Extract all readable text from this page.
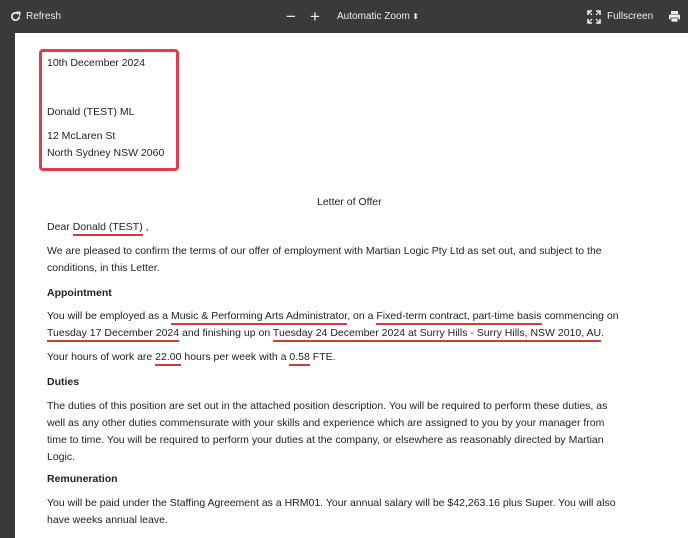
Refresh	− + Automatic Zoom ⬍	Fullscreen
10th December 2024
Donald (TEST) ML
12 McLaren St
North Sydney NSW 2060
Letter of Offer
Dear Donald (TEST) ,
We are pleased to confirm the terms of our offer of employment with Martian Logic Pty Ltd as set out, and subject to the
conditions, in this Letter.
Appointment
You will be employed as a Music & Performing Arts Administrator, on a Fixed-term contract, part-time basis commencing on
Tuesday 17 December 2024 and finishing up on Tuesday 24 December 2024 at Surry Hills - Surry Hills, NSW 2010, AU.
Your hours of work are 22.00 hours per week with a 0.58 FTE.
Duties
The duties of this position are set out in the attached position description. You will be required to perform these duties, as
well as any other duties commensurate with your skills and experience which are assigned to you by your manager from
time to time. You will be required to perform your duties at the company, or elsewhere as reasonably directed by Martian
Logic.
Remuneration
You will be paid under the Staffing Agreement as a HRM01. Your annual salary will be $42,263.16 plus Super. You will also
have weeks annual leave.
